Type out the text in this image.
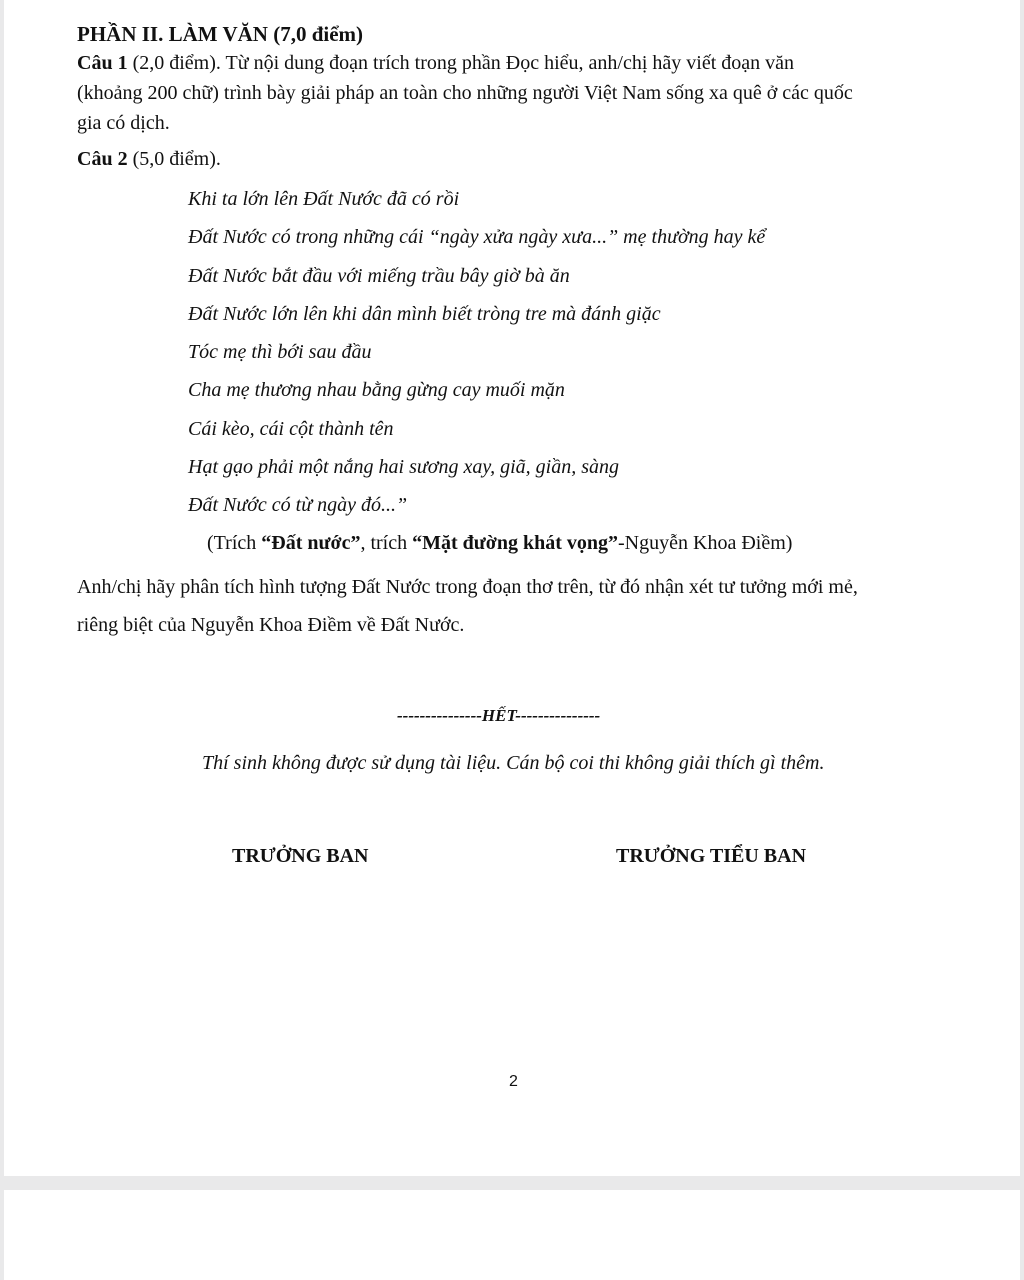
PHẦN II. LÀM VĂN (7,0 điểm)
Câu 1 (2,0 điểm). Từ nội dung đoạn trích trong phần Đọc hiểu, anh/chị hãy viết đoạn văn
(khoảng 200 chữ) trình bày giải pháp an toàn cho những người Việt Nam sống xa quê ở các quốc
gia có dịch.
Câu 2 (5,0 điểm).
Khi ta lớn lên Đất Nước đã có rồi
Đất Nước có trong những cái “ngày xửa ngày xưa...” mẹ thường hay kể
Đất Nước bắt đầu với miếng trầu bây giờ bà ăn
Đất Nước lớn lên khi dân mình biết tròng tre mà đánh giặc
Tóc mẹ thì bới sau đầu
Cha mẹ thương nhau bằng gừng cay muối mặn
Cái kèo, cái cột thành tên
Hạt gạo phải một nắng hai sương xay, giã, giần, sàng
Đất Nước có từ ngày đó...”
(Trích “Đất nước”, trích “Mặt đường khát vọng”-Nguyễn Khoa Điềm)
Anh/chị hãy phân tích hình tượng Đất Nước trong đoạn thơ trên, từ đó nhận xét tư tưởng mới mẻ,
riêng biệt của Nguyễn Khoa Điềm về Đất Nước.
---------------HẾT---------------
Thí sinh không được sử dụng tài liệu. Cán bộ coi thi không giải thích gì thêm.
TRƯỞNG BAN	TRƯỞNG TIỂU BAN
2
